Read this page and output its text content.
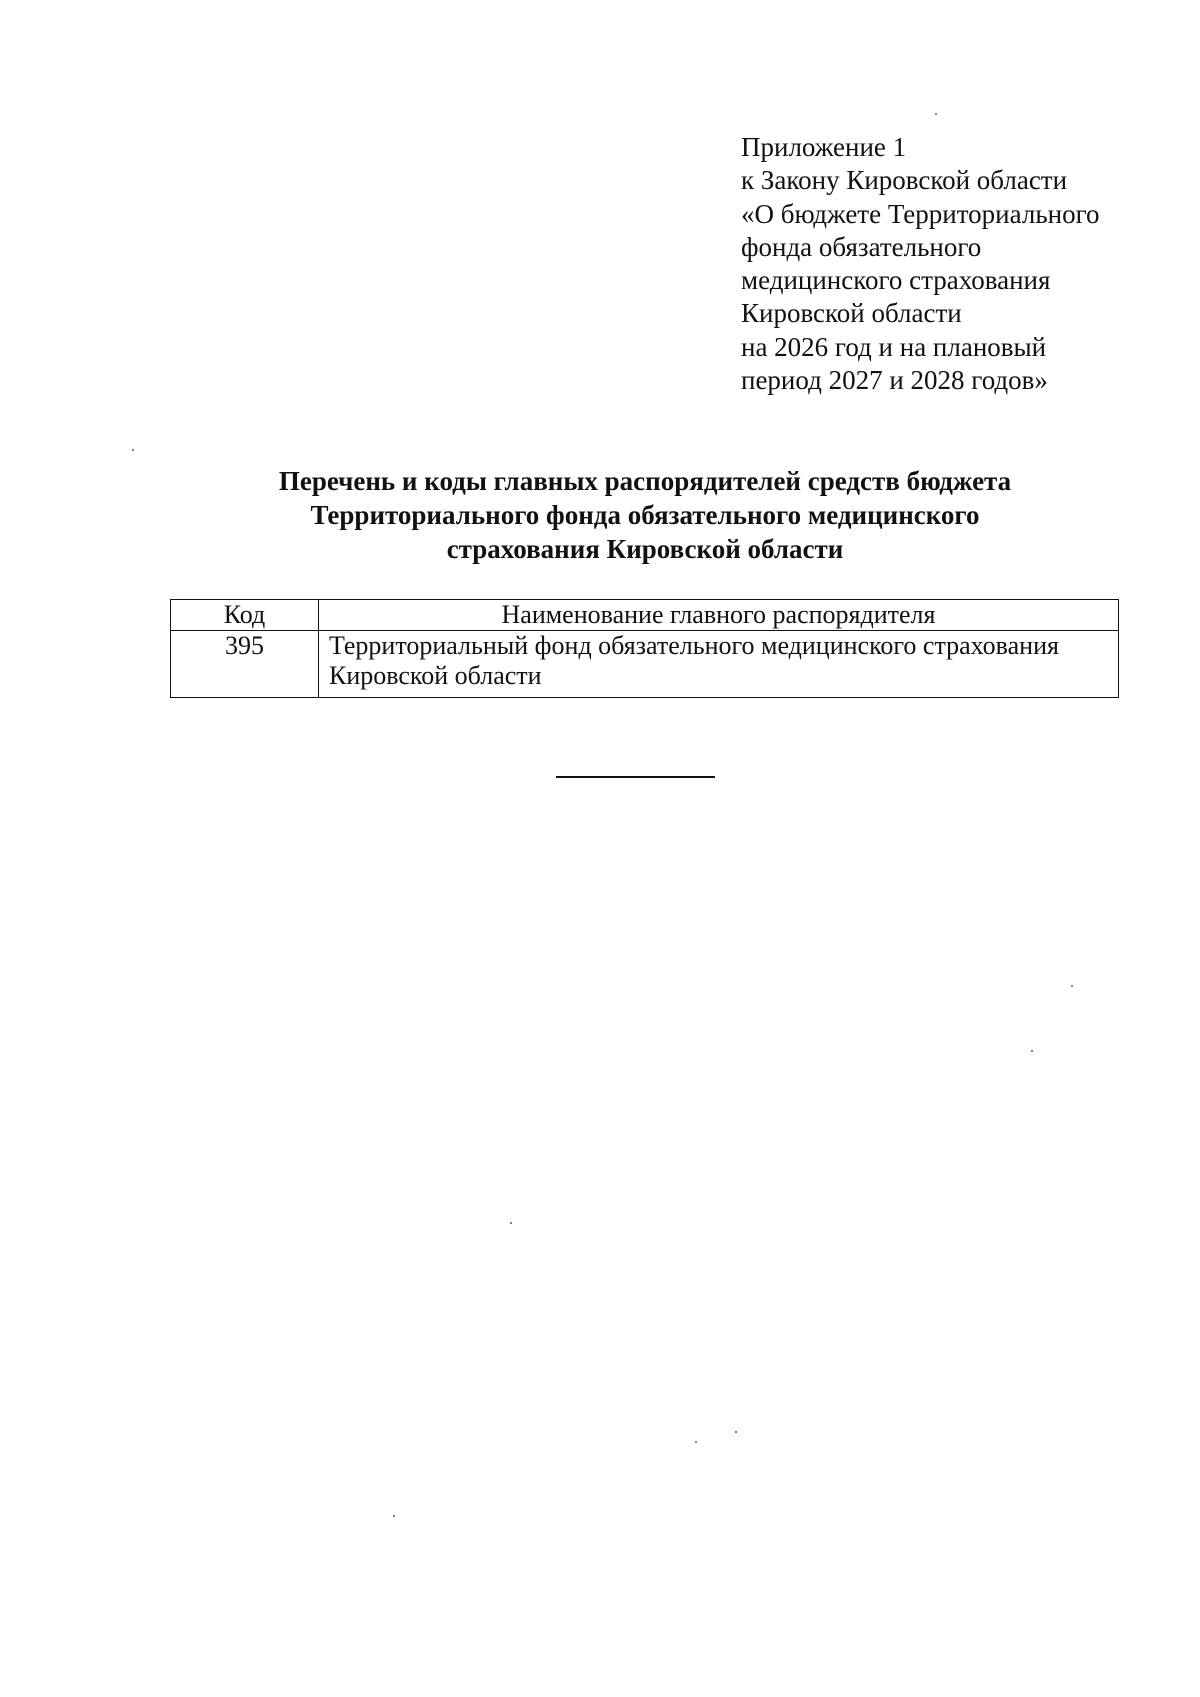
Приложение 1
к Закону Кировской области
«О бюджете Территориального
фонда обязательного
медицинского страхования
Кировской области
на 2026 год и на плановый
период 2027 и 2028 годов»
Перечень и коды главных распорядителей средств бюджета
Территориального фонда обязательного медицинского
страхования Кировской области
Код	Наименование главного распорядителя
395	Территориальный фонд обязательного медицинского страхования
Кировской области
